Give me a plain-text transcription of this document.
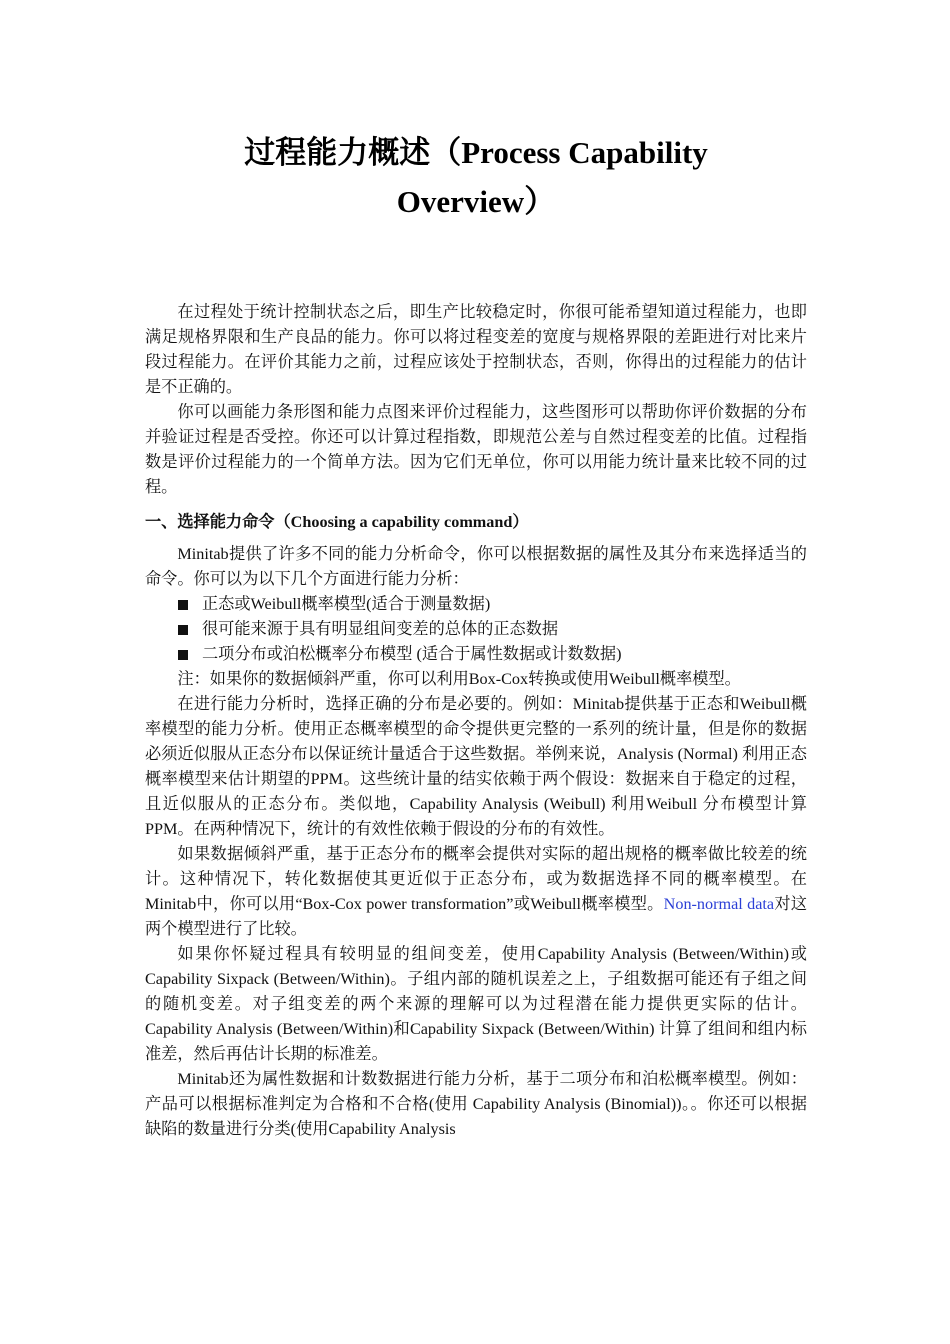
过程能力概述（Process Capability
Overview）

在过程处于统计控制状态之后，即生产比较稳定时，你很可能希望知道过程能力，也即满足规格界限和生产良品的能力。你可以将过程变差的宽度与规格界限的差距进行对比来片段过程能力。在评价其能力之前，过程应该处于控制状态，否则，你得出的过程能力的估计是不正确的。

你可以画能力条形图和能力点图来评价过程能力，这些图形可以帮助你评价数据的分布并验证过程是否受控。你还可以计算过程指数，即规范公差与自然过程变差的比值。过程指数是评价过程能力的一个简单方法。因为它们无单位，你可以用能力统计量来比较不同的过程。

一、选择能力命令（Choosing a capability command）

Minitab提供了许多不同的能力分析命令，你可以根据数据的属性及其分布来选择适当的命令。你可以为以下几个方面进行能力分析：

正态或Weibull概率模型(适合于测量数据)

很可能来源于具有明显组间变差的总体的正态数据

二项分布或泊松概率分布模型 (适合于属性数据或计数数据)

注：如果你的数据倾斜严重，你可以利用Box-Cox转换或使用Weibull概率模型。

在进行能力分析时，选择正确的分布是必要的。例如：Minitab提供基于正态和Weibull概率模型的能力分析。使用正态概率模型的命令提供更完整的一系列的统计量，但是你的数据必须近似服从正态分布以保证统计量适合于这些数据。举例来说，Analysis (Normal) 利用正态概率模型来估计期望的PPM。这些统计量的结实依赖于两个假设：数据来自于稳定的过程，且近似服从的正态分布。类似地，Capability Analysis (Weibull) 利用Weibull 分布模型计算PPM。在两种情况下，统计的有效性依赖于假设的分布的有效性。

如果数据倾斜严重，基于正态分布的概率会提供对实际的超出规格的概率做比较差的统计。这种情况下，转化数据使其更近似于正态分布，或为数据选择不同的概率模型。在Minitab中，你可以用“Box-Cox power transformation”或Weibull概率模型。Non-normal data对这两个模型进行了比较。

如果你怀疑过程具有较明显的组间变差，使用Capability Analysis (Between/Within)或 Capability Sixpack (Between/Within)。子组内部的随机误差之上，子组数据可能还有子组之间的随机变差。对子组变差的两个来源的理解可以为过程潜在能力提供更实际的估计。Capability Analysis (Between/Within)和Capability Sixpack (Between/Within) 计算了组间和组内标准差，然后再估计长期的标准差。

Minitab还为属性数据和计数数据进行能力分析，基于二项分布和泊松概率模型。例如：产品可以根据标准判定为合格和不合格(使用 Capability Analysis (Binomial))。。你还可以根据缺陷的数量进行分类(使用Capability Analysis
